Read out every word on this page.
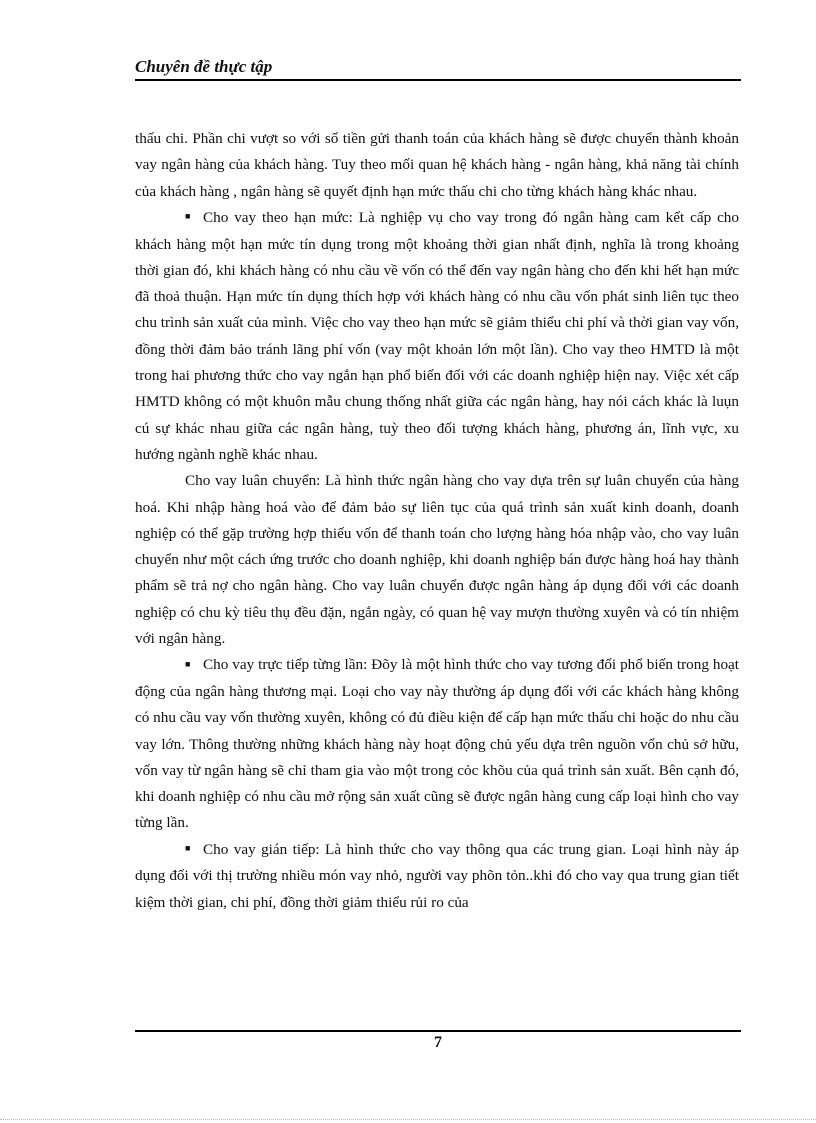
Chuyên đề thực tập

thấu chi. Phần chi vượt so với số tiền gửi thanh toán của khách hàng sẽ được chuyển thành khoản vay ngân hàng của khách hàng. Tuy theo mối quan hệ khách hàng - ngân hàng, khả năng tài chính của khách hàng , ngân hàng sẽ quyết định hạn mức thấu chi cho từng khách hàng khác nhau.

■ Cho vay theo hạn mức: Là nghiệp vụ cho vay trong đó ngân hàng cam kết cấp cho khách hàng một hạn mức tín dụng trong một khoảng thời gian nhất định, nghĩa là trong khoảng thời gian đó, khi khách hàng có nhu cầu về vốn có thể đến vay ngân hàng cho đến khi hết hạn mức đã thoả thuận. Hạn mức tín dụng thích hợp với khách hàng có nhu cầu vốn phát sinh liên tục theo chu trình sản xuất của mình. Việc cho vay theo hạn mức sẽ giảm thiểu chi phí và thời gian vay vốn, đồng thời đảm bảo tránh lãng phí vốn (vay một khoản lớn một lần). Cho vay theo HMTD là một trong hai phương thức cho vay ngắn hạn phổ biến đối với các doanh nghiệp hiện nay. Việc xét cấp HMTD không có một khuôn mẫu chung thống nhất giữa các ngân hàng, hay nói cách khác là luụn cú sự khác nhau giữa các ngân hàng, tuỳ theo đối tượng khách hàng, phương án, lĩnh vực, xu hướng ngành nghề khác nhau.

Cho vay luân chuyển: Là hình thức ngân hàng cho vay dựa trên sự luân chuyển của hàng hoá. Khi nhập hàng hoá vào để đảm bảo sự liên tục của quá trình sản xuất kinh doanh, doanh nghiệp có thể gặp trường hợp thiếu vốn để thanh toán cho lượng hàng hóa nhập vào, cho vay luân chuyển như một cách ứng trước cho doanh nghiệp, khi doanh nghiệp bán được hàng hoá hay thành phẩm sẽ trả nợ cho ngân hàng. Cho vay luân chuyển được ngân hàng áp dụng đối với các doanh nghiệp có chu kỳ tiêu thụ đều đặn, ngắn ngày, có quan hệ vay mượn thường xuyên và có tín nhiệm với ngân hàng.

■ Cho vay trực tiếp từng lần: Đõy là một hình thức cho vay tương đối phổ biến trong hoạt động của ngân hàng thương mại. Loại cho vay này thường áp dụng đối với các khách hàng không có nhu cầu vay vốn thường xuyên, không có đủ điều kiện để cấp hạn mức thấu chi hoặc do nhu cầu vay lớn. Thông thường những khách hàng này hoạt động chủ yếu dựa trên nguồn vốn chủ sở hữu, vốn vay từ ngân hàng sẽ chỉ tham gia vào một trong cỏc khõu của quá trình sản xuất. Bên cạnh đó, khi doanh nghiệp có nhu cầu mở rộng sản xuất cũng sẽ được ngân hàng cung cấp loại hình cho vay từng lần.

■ Cho vay gián tiếp: Là hình thức cho vay thông qua các trung gian. Loại hình này áp dụng đối với thị trường nhiều món vay nhỏ, người vay phõn tỏn..khi đó cho vay qua trung gian tiết kiệm thời gian, chi phí, đồng thời giảm thiểu rủi ro của

7
